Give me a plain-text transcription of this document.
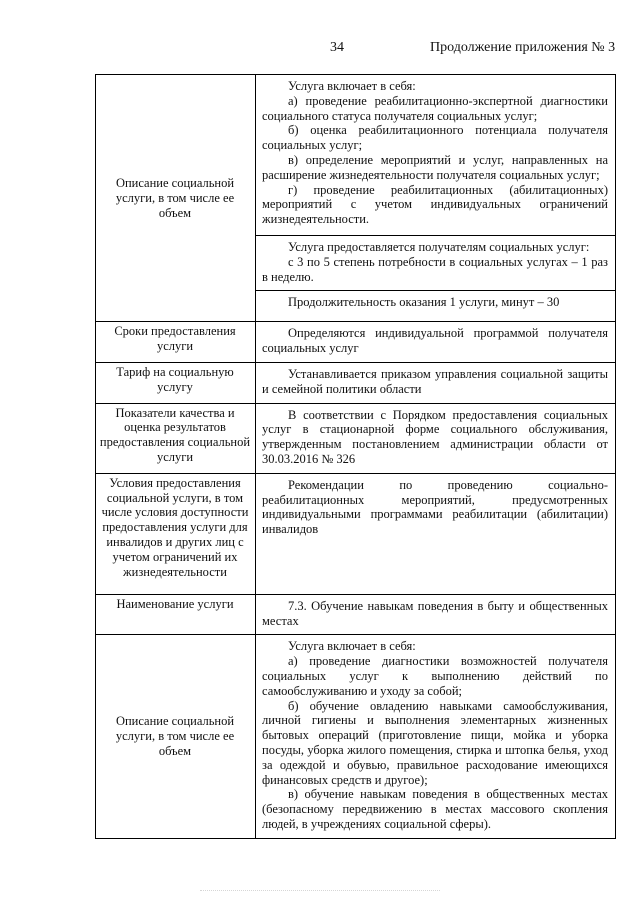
34	Продолжение приложения № 3
Описание социальной услуги, в том числе ее объем	Услуга включает в себя:

а) проведение реабилитационно-экспертной диагностики социального статуса получателя социальных услуг;

б) оценка реабилитационного потенциала получателя социальных услуг;

в) определение мероприятий и услуг, направленных на расширение жизнедеятельности получателя социальных услуг;

г) проведение реабилитационных (абилитационных) мероприятий с учетом индивидуальных ограничений жизнедеятельности.

	Услуга предоставляется получателям социальных услуг:

с 3 по 5 степень потребности в социальных услугах – 1 раз в неделю.

	Продолжительность оказания 1 услуги, минут – 30

Сроки предоставления услуги	Определяются индивидуальной программой получателя социальных услуг

Тариф на социальную услугу	Устанавливается приказом управления социальной защиты и семейной политики области

Показатели качества и оценка результатов предоставления социальной услуги	В соответствии с Порядком предоставления социальных услуг в стационарной форме социального обслуживания, утвержденным постановлением администрации области от 30.03.2016 № 326

Условия предоставления социальной услуги, в том числе условия доступности предоставления услуги для инвалидов и других лиц с учетом ограничений их жизнедеятельности	Рекомендации по проведению социально-реабилитационных мероприятий, предусмотренных индивидуальными программами реабилитации (абилитации) инвалидов

Наименование услуги	7.3. Обучение навыкам поведения в быту и общественных местах

Описание социальной услуги, в том числе ее объем	Услуга включает в себя:

а) проведение диагностики возможностей получателя социальных услуг к выполнению действий по самообслуживанию и уходу за собой;

б) обучение овладению навыками самообслуживания, личной гигиены и выполнения элементарных жизненных бытовых операций (приготовление пищи, мойка и уборка посуды, уборка жилого помещения, стирка и штопка белья, уход за одеждой и обувью, правильное расходование имеющихся финансовых средств и другое);

в) обучение навыкам поведения в общественных местах (безопасному передвижению в местах массового скопления людей, в учреждениях социальной сферы).
